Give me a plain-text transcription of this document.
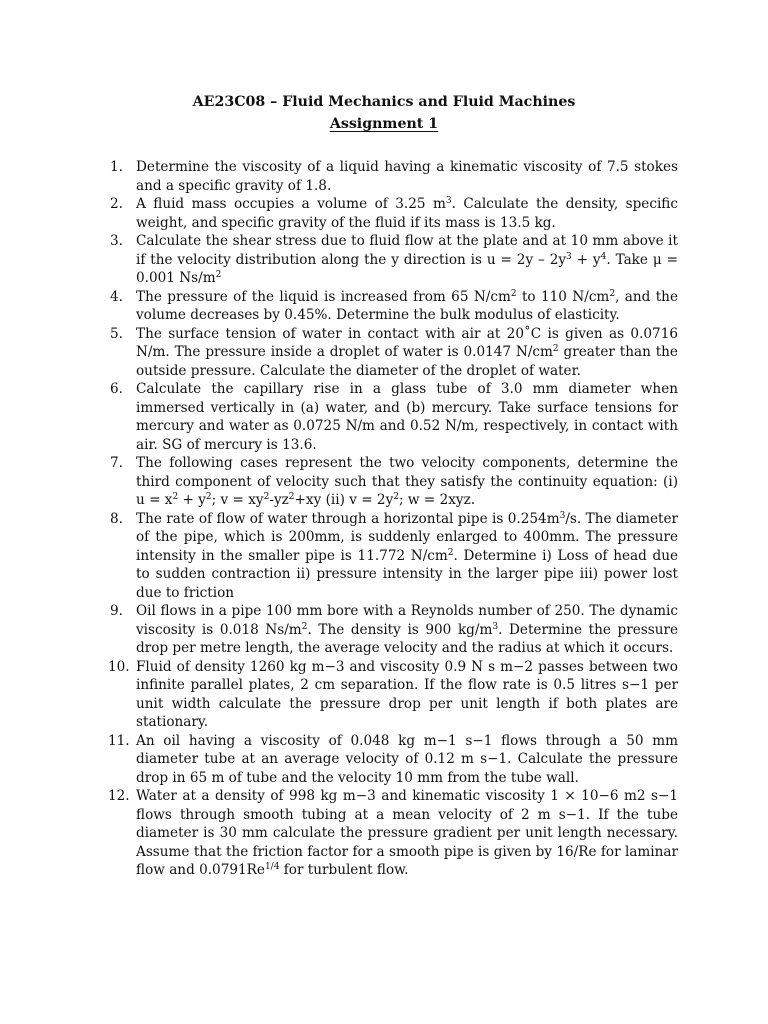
AE23C08 – Fluid Mechanics and Fluid Machines
Assignment 1
1. Determine the viscosity of a liquid having a kinematic viscosity of 7.5 stokes and a specific gravity of 1.8.
2. A fluid mass occupies a volume of 3.25 $m^3$. Calculate the density, specific weight, and specific gravity of the fluid if its mass is 13.5 kg.
3. Calculate the shear stress due to fluid flow at the plate and at 10 mm above it if the velocity distribution along the y direction is $u = 2y - 2y^3 + y^4$. Take μ = 0.001 $Ns/m^2$
4. The pressure of the liquid is increased from 65 $N/cm^2$ to 110 $N/cm^2$, and the volume decreases by 0.45%. Determine the bulk modulus of elasticity.
5. The surface tension of water in contact with air at 20˚C is given as 0.0716 N/m. The pressure inside a droplet of water is 0.0147 $N/cm^2$ greater than the outside pressure. Calculate the diameter of the droplet of water.
6. Calculate the capillary rise in a glass tube of 3.0 mm diameter when immersed vertically in (a) water, and (b) mercury. Take surface tensions for mercury and water as 0.0725 N/m and 0.52 N/m, respectively, in contact with air. SG of mercury is 13.6.
7. The following cases represent the two velocity components, determine the third component of velocity such that they satisfy the continuity equation: (i) $u = x^2 + y^2$; $v = xy^2-yz^2+xy$ (ii) $v = 2y^2$; w = 2xyz.
8. The rate of flow of water through a horizontal pipe is $0.254m^3/s$. The diameter of the pipe, which is 200mm, is suddenly enlarged to 400mm. The pressure intensity in the smaller pipe is 11.772 $N/cm^2$. Determine i) Loss of head due to sudden contraction ii) pressure intensity in the larger pipe iii) power lost due to friction
9. Oil flows in a pipe 100 mm bore with a Reynolds number of 250. The dynamic viscosity is 0.018 $Ns/m^2$. The density is 900 $kg/m^3$. Determine the pressure drop per metre length, the average velocity and the radius at which it occurs.
10. Fluid of density 1260 kg m−3 and viscosity 0.9 N s m−2 passes between two infinite parallel plates, 2 cm separation. If the flow rate is 0.5 litres s−1 per unit width calculate the pressure drop per unit length if both plates are stationary.
11. An oil having a viscosity of 0.048 kg m−1 s−1 flows through a 50 mm diameter tube at an average velocity of 0.12 m s−1. Calculate the pressure drop in 65 m of tube and the velocity 10 mm from the tube wall.
12. Water at a density of 998 kg m−3 and kinematic viscosity 1 × 10−6 m2 s−1 flows through smooth tubing at a mean velocity of 2 m s−1. If the tube diameter is 30 mm calculate the pressure gradient per unit length necessary. Assume that the friction factor for a smooth pipe is given by 16/Re for laminar flow and $0.0791Re^{1/4}$ for turbulent flow.
